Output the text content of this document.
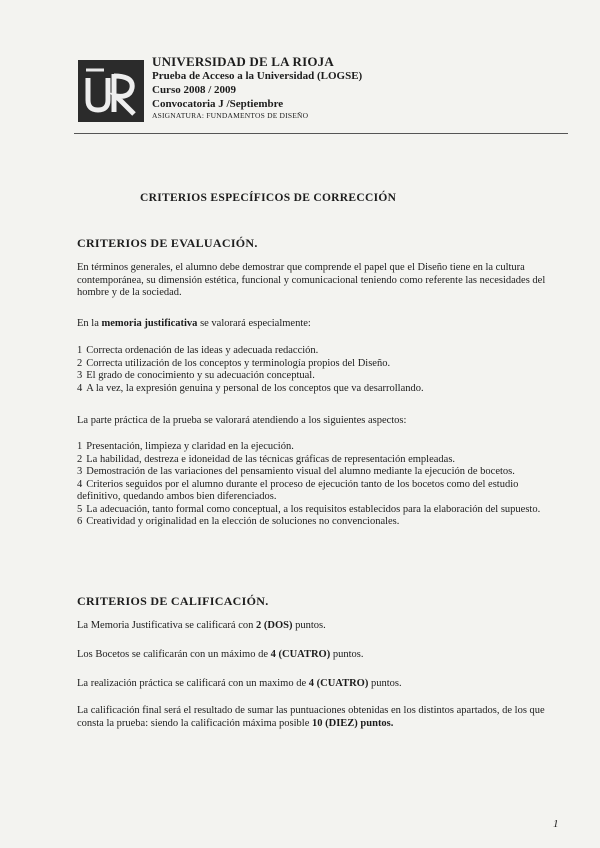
UNIVERSIDAD DE LA RIOJA
Prueba de Acceso a la Universidad (LOGSE)
Curso 2008 / 2009
Convocatoria J /Septiembre
ASIGNATURA: FUNDAMENTOS DE DISEÑO
CRITERIOS ESPECÍFICOS DE CORRECCIÓN
CRITERIOS DE EVALUACIÓN.
En términos generales, el alumno debe demostrar que comprende el papel que el Diseño tiene en la cultura contemporánea, su dimensión estética, funcional y comunicacional teniendo como referente las necesidades del hombre y de la sociedad.
En la memoria justificativa se valorará especialmente:
1 Correcta ordenación de las ideas y adecuada redacción.
2 Correcta utilización de los conceptos y terminología propios del Diseño.
3 El grado de conocimiento y su adecuación conceptual.
4 A la vez, la expresión genuina y personal de los conceptos que va desarrollando.
La parte práctica de la prueba se valorará atendiendo a los siguientes aspectos:
1 Presentación, limpieza y claridad en la ejecución.
2 La habilidad, destreza e idoneidad de las técnicas gráficas de representación empleadas.
3 Demostración de las variaciones del pensamiento visual del alumno mediante la ejecución de bocetos.
4 Criterios seguidos por el alumno durante el proceso de ejecución tanto de los bocetos como del estudio definitivo, quedando ambos bien diferenciados.
5 La adecuación, tanto formal como conceptual, a los requisitos establecidos para la elaboración del supuesto.
6 Creatividad y originalidad en la elección de soluciones no convencionales.
CRITERIOS DE CALIFICACIÓN.
La Memoria Justificativa se calificará con 2 (DOS) puntos.
Los Bocetos se calificarán con un máximo de 4 (CUATRO) puntos.
La realización práctica se calificará con un maximo de 4 (CUATRO) puntos.
La calificación final será el resultado de sumar las puntuaciones obtenidas en los distintos apartados, de los que consta la prueba: siendo la calificación máxima posible 10 (DIEZ) puntos.
1
